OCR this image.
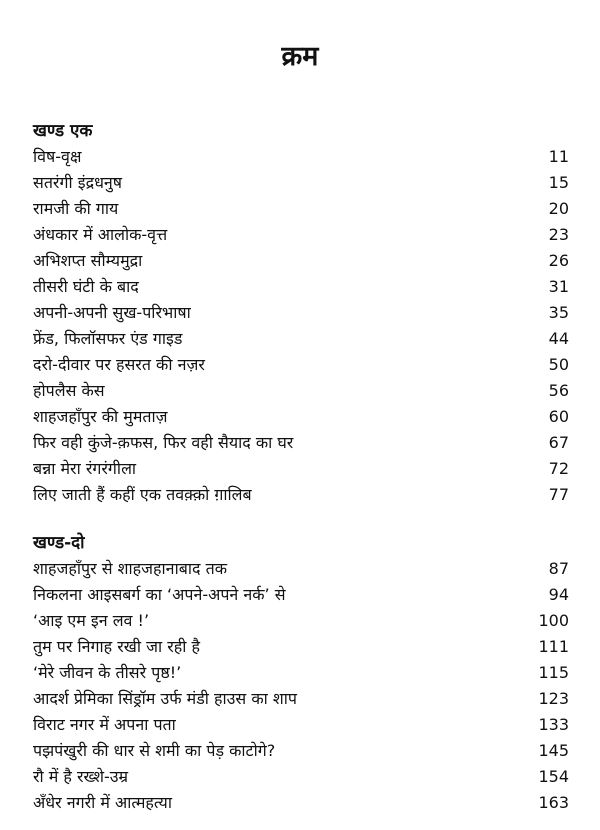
क्रम
खण्ड एक
विष-वृक्ष	11
सतरंगी इंद्रधनुष	15
रामजी की गाय	20
अंधकार में आलोक-वृत्त	23
अभिशप्त सौम्यमुद्रा	26
तीसरी घंटी के बाद	31
अपनी-अपनी सुख-परिभाषा	35
फ्रेंड, फिलॉसफर एंड गाइड	44
दरो-दीवार पर हसरत की नज़र	50
होपलैस केस	56
शाहजहाँपुर की मुमताज़	60
फिर वही कुंजे-क़फस, फिर वही सैयाद का घर	67
बन्ना मेरा रंगरंगीला	72
लिए जाती हैं कहीं एक तवक़्क़ो ग़ालिब	77
खण्ड-दो
शाहजहाँपुर से शाहजहानाबाद तक	87
निकलना आइसबर्ग का ‘अपने-अपने नर्क’ से	94
‘आइ एम इन लव !’	100
तुम पर निगाह रखी जा रही है	111
‘मेरे जीवन के तीसरे पृष्ठ!’	115
आदर्श प्रेमिका सिंड्रॉम उर्फ मंडी हाउस का शाप	123
विराट नगर में अपना पता	133
पझपंखुरी की धार से शमी का पेड़ काटोगे?	145
रौ में है रख्शे-उम्र	154
अँधेर नगरी में आत्महत्या	163
